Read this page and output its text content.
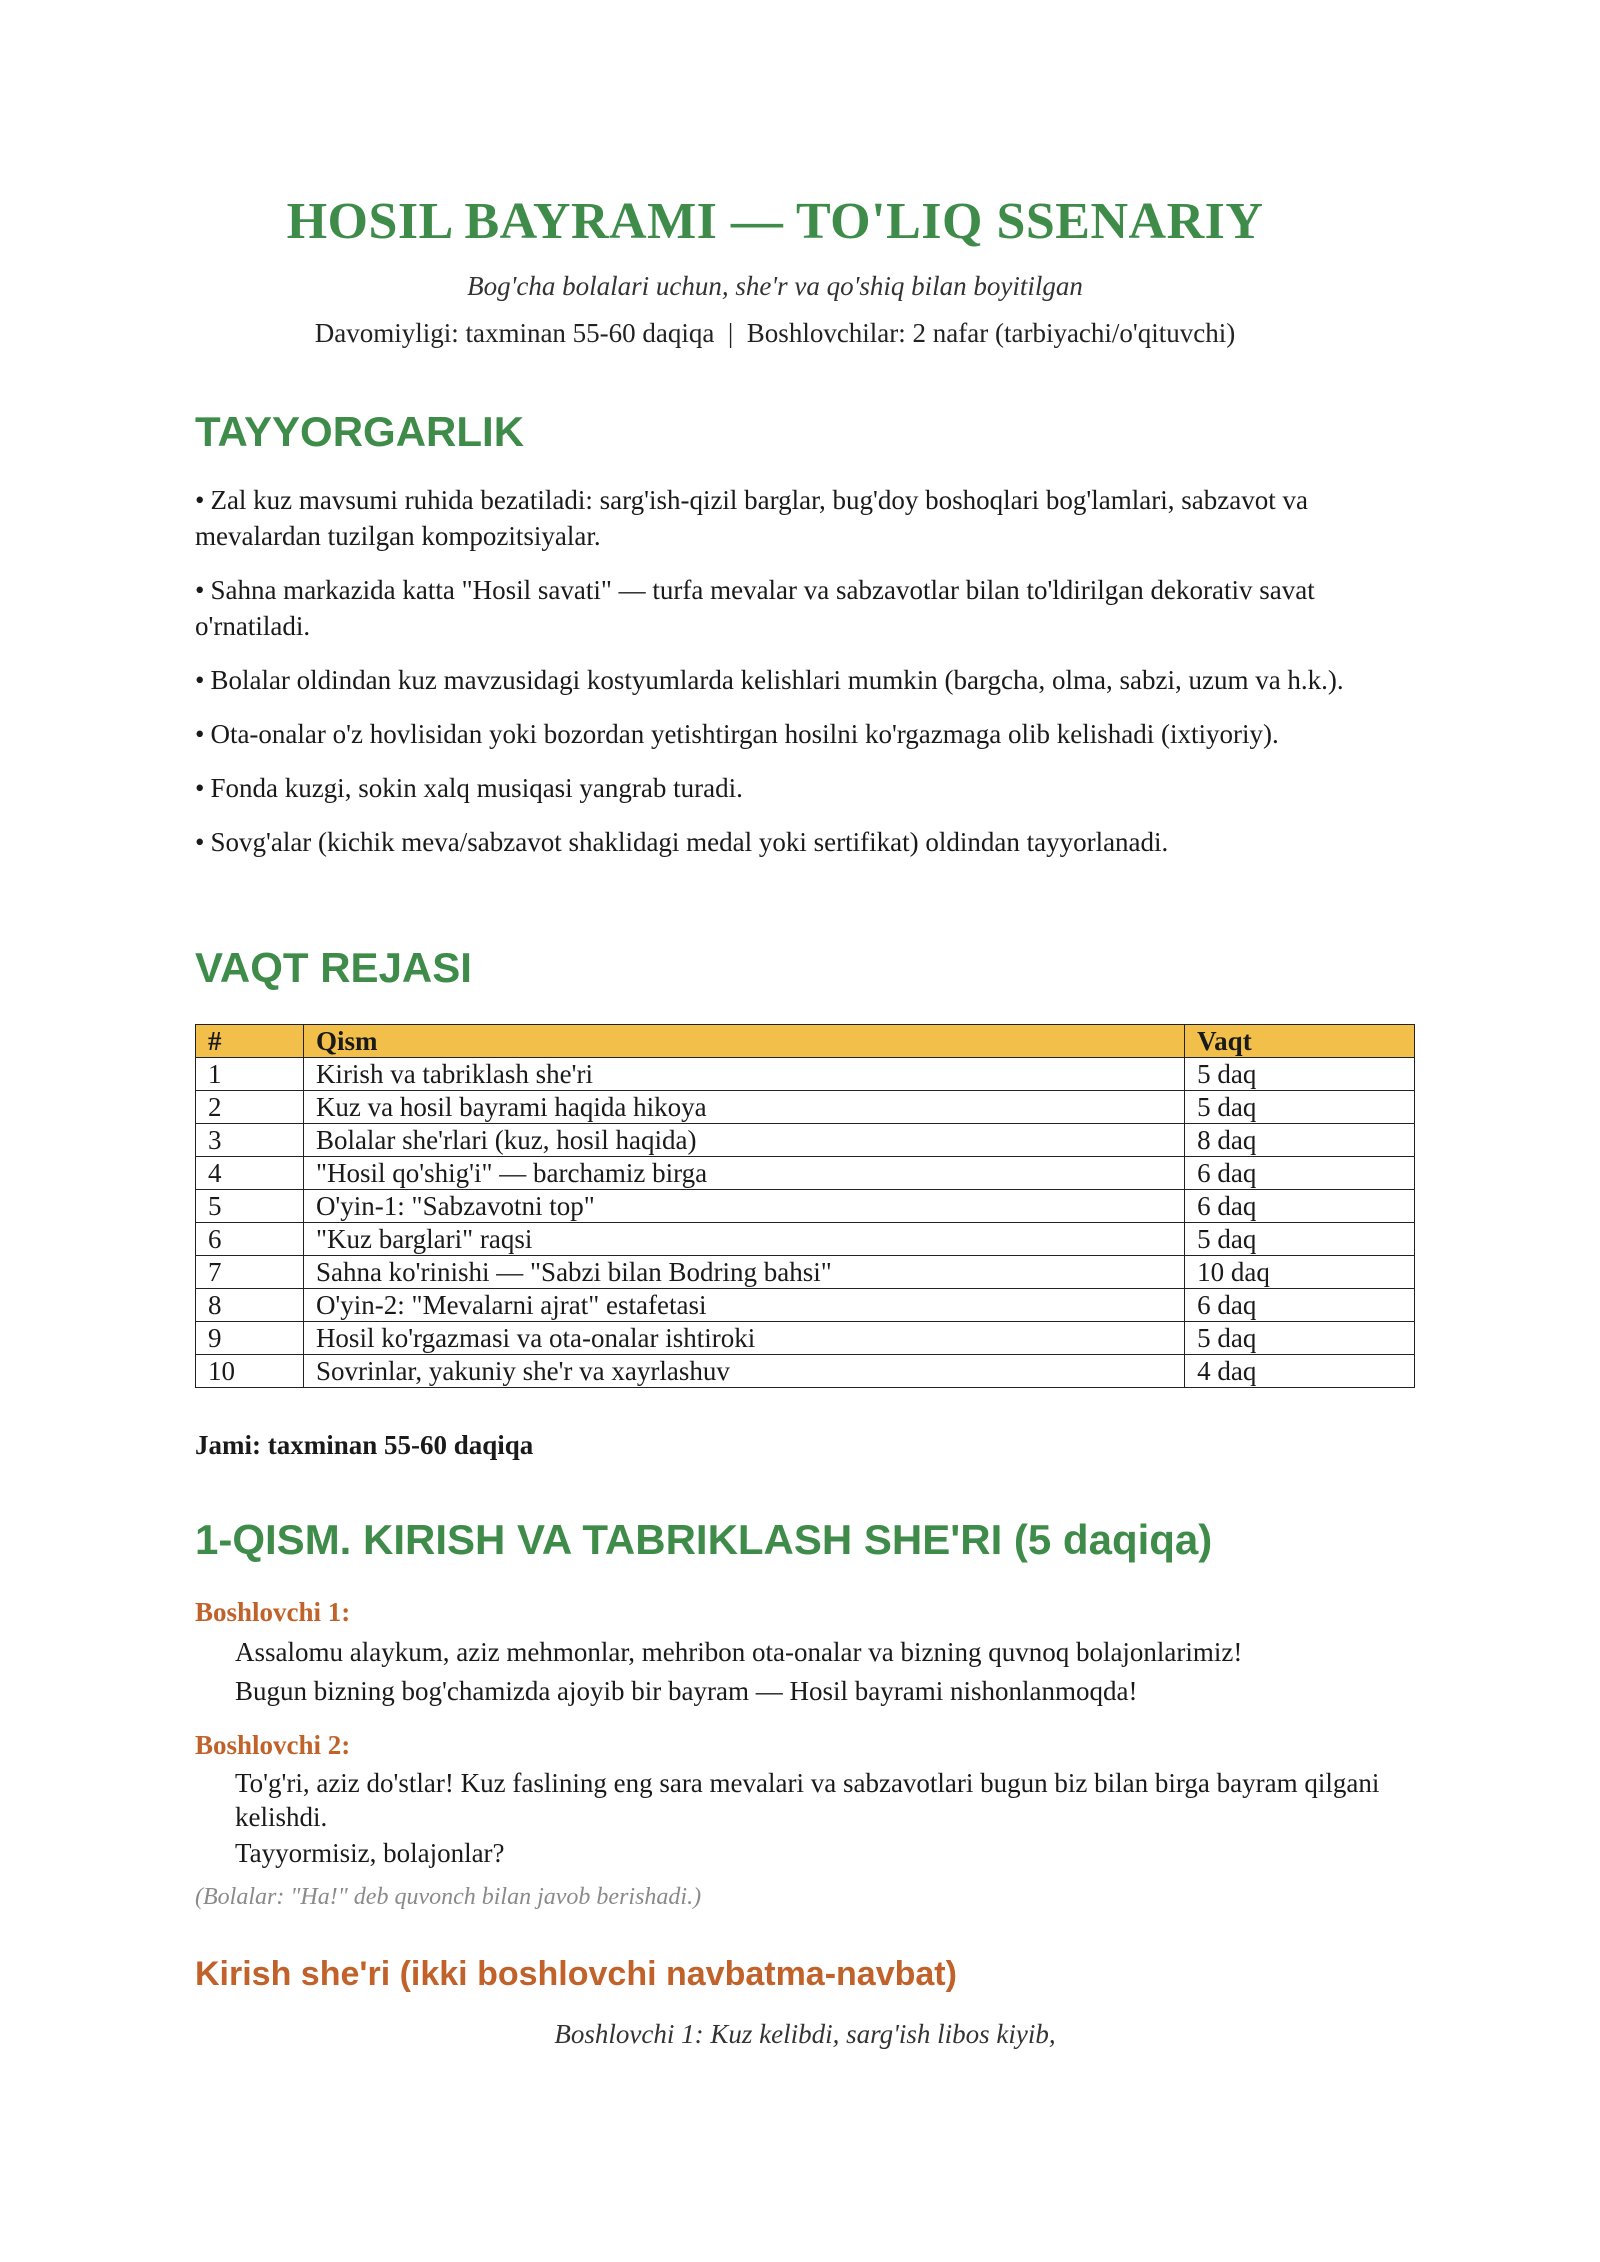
HOSIL BAYRAMI — TO'LIQ SSENARIY

Bog'cha bolalari uchun, she'r va qo'shiq bilan boyitilgan

Davomiyligi: taxminan 55-60 daqiqa  |  Boshlovchilar: 2 nafar (tarbiyachi/o'qituvchi)

TAYYORGARLIK
• Zal kuz mavsumi ruhida bezatiladi: sarg'ish-qizil barglar, bug'doy boshoqlari bog'lamlari, sabzavot va mevalardan tuzilgan kompozitsiyalar.
• Sahna markazida katta "Hosil savati" — turfa mevalar va sabzavotlar bilan to'ldirilgan dekorativ savat o'rnatiladi.
• Bolalar oldindan kuz mavzusidagi kostyumlarda kelishlari mumkin (bargcha, olma, sabzi, uzum va h.k.).
• Ota-onalar o'z hovlisidan yoki bozordan yetishtirgan hosilni ko'rgazmaga olib kelishadi (ixtiyoriy).
• Fonda kuzgi, sokin xalq musiqasi yangrab turadi.
• Sovg'alar (kichik meva/sabzavot shaklidagi medal yoki sertifikat) oldindan tayyorlanadi.
VAQT REJASI
#	Qism	Vaqt
1	Kirish va tabriklash she'ri	5 daq
2	Kuz va hosil bayrami haqida hikoya	5 daq
3	Bolalar she'rlari (kuz, hosil haqida)	8 daq
4	"Hosil qo'shig'i" — barchamiz birga	6 daq
5	O'yin-1: "Sabzavotni top"	6 daq
6	"Kuz barglari" raqsi	5 daq
7	Sahna ko'rinishi — "Sabzi bilan Bodring bahsi"	10 daq
8	O'yin-2: "Mevalarni ajrat" estafetasi	6 daq
9	Hosil ko'rgazmasi va ota-onalar ishtiroki	5 daq
10	Sovrinlar, yakuniy she'r va xayrlashuv	4 daq

Jami: taxminan 55-60 daqiqa

1-QISM. KIRISH VA TABRIKLASH SHE'RI (5 daqiqa)

Boshlovchi 1:

Assalomu alaykum, aziz mehmonlar, mehribon ota-onalar va bizning quvnoq bolajonlarimiz!

Bugun bizning bog'chamizda ajoyib bir bayram — Hosil bayrami nishonlanmoqda!

Boshlovchi 2:

To'g'ri, aziz do'stlar! Kuz faslining eng sara mevalari va sabzavotlari bugun biz bilan birga bayram qilgani kelishdi.

Tayyormisiz, bolajonlar?

(Bolalar: "Ha!" deb quvonch bilan javob berishadi.)

Kirish she'ri (ikki boshlovchi navbatma-navbat)

Boshlovchi 1: Kuz kelibdi, sarg'ish libos kiyib,
